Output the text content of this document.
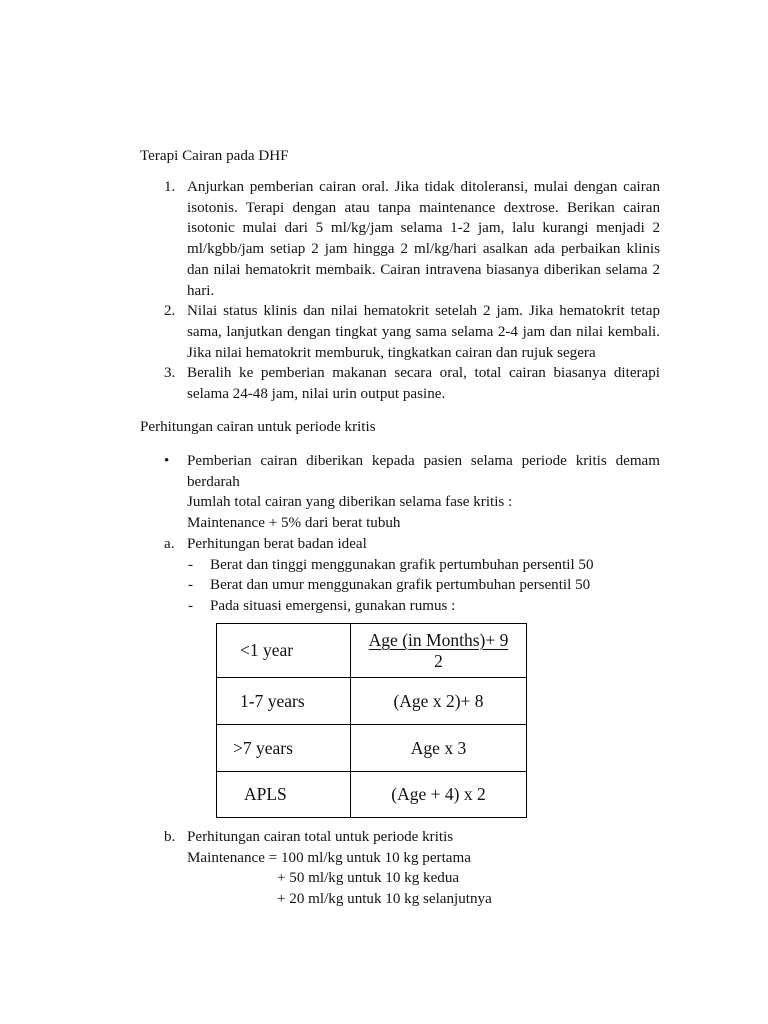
Terapi Cairan pada DHF
1. Anjurkan pemberian cairan oral. Jika tidak ditoleransi, mulai dengan cairan isotonis. Terapi dengan atau tanpa maintenance dextrose. Berikan cairan isotonic mulai dari 5 ml/kg/jam selama 1-2 jam, lalu kurangi menjadi 2 ml/kgbb/jam setiap 2 jam hingga 2 ml/kg/hari asalkan ada perbaikan klinis dan nilai hematokrit membaik. Cairan intravena biasanya diberikan selama 2 hari.
2. Nilai status klinis dan nilai hematokrit setelah 2 jam. Jika hematokrit tetap sama, lanjutkan dengan tingkat yang sama selama 2-4 jam dan nilai kembali. Jika nilai hematokrit memburuk, tingkatkan cairan dan rujuk segera
3. Beralih ke pemberian makanan secara oral, total cairan biasanya diterapi selama 24-48 jam, nilai urin output pasine.
Perhitungan cairan untuk periode kritis
•	Pemberian cairan diberikan kepada pasien selama periode kritis demam berdarah
Jumlah total cairan yang diberikan selama fase kritis :
Maintenance + 5% dari berat tubuh
a. Perhitungan berat badan ideal
-	Berat dan tinggi menggunakan grafik pertumbuhan persentil 50
-	Berat dan umur menggunakan grafik pertumbuhan persentil 50
-	Pada situasi emergensi, gunakan rumus :
<1 year	$\frac{\text{Age (in Months)+ 9}}{2}$

1-7 years	(Age x 2)+ 8
>7 years	Age x 3
APLS	(Age + 4) x 2
b. Perhitungan cairan total untuk periode kritis
Maintenance = 100 ml/kg untuk 10 kg pertama
+ 50 ml/kg untuk 10 kg kedua
+ 20 ml/kg untuk 10 kg selanjutnya
